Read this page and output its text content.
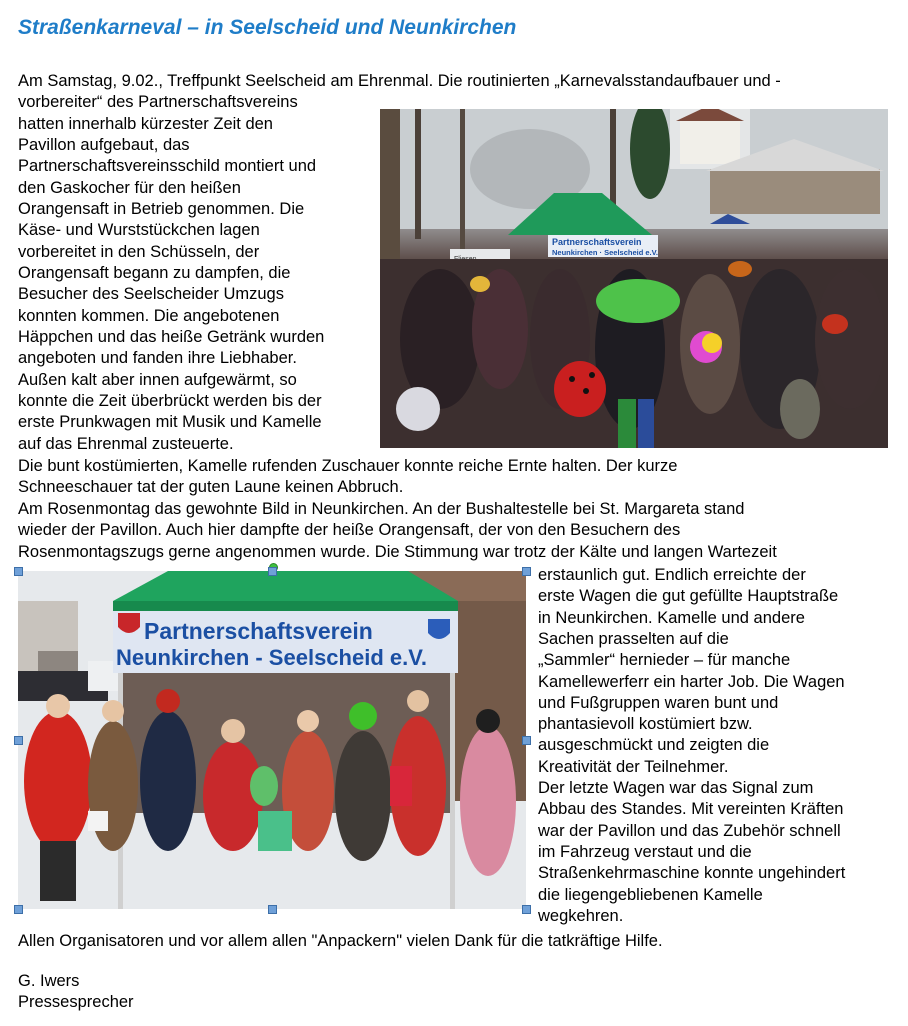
Straßenkarneval – in Seelscheid und Neunkirchen
Am Samstag, 9.02., Treffpunkt Seelscheid am Ehrenmal. Die routinierten „Karnevalsstandaufbauer und -
vorbereiter“ des Partnerschaftsvereins
hatten innerhalb kürzester Zeit den
Pavillon aufgebaut, das
Partnerschaftsvereinsschild montiert und
den Gaskocher für den heißen
Orangensaft in Betrieb genommen. Die
Käse- und Wurststückchen lagen
vorbereitet in den Schüsseln, der
Orangensaft begann zu dampfen, die
Besucher des Seelscheider Umzugs
konnten kommen. Die angebotenen
Häppchen und das heiße Getränk wurden
angeboten und fanden ihre Liebhaber.
Außen kalt aber innen aufgewärmt, so
konnte die Zeit überbrückt werden bis der
erste Prunkwagen mit Musik und Kamelle
auf das Ehrenmal zusteuerte.
Die bunt kostümierten, Kamelle rufenden Zuschauer konnte reiche Ernte halten. Der kurze
Schneeschauer tat der guten Laune keinen Abbruch.
Am Rosenmontag das gewohnte Bild in Neunkirchen. An der Bushaltestelle bei St. Margareta stand
wieder der Pavillon. Auch hier dampfte der heiße Orangensaft, der von den Besuchern des
Rosenmontagszugs gerne angenommen wurde. Die Stimmung war trotz der Kälte und langen Wartezeit
erstaunlich gut. Endlich erreichte der
erste Wagen die gut gefüllte Hauptstraße
in Neunkirchen. Kamelle und andere
Sachen prasselten auf die
„Sammler“ hernieder – für manche
Kamellewerferr ein harter Job. Die Wagen
und Fußgruppen waren bunt und
phantasievoll kostümiert bzw.
ausgeschmückt und zeigten die
Kreativität der Teilnehmer.
Der letzte Wagen war das Signal zum
Abbau des Standes. Mit vereinten Kräften
war der Pavillon und das Zubehör schnell
im Fahrzeug verstaut und die
Straßenkehrmaschine konnte ungehindert
die liegengebliebenen Kamelle
wegkehren.
Partnerschaftsverein
Neunkirchen · Seelscheid e.V.
Partnerschaftsverein
Neunkirchen - Seelscheid e.V.
Allen Organisatoren und vor allem allen "Anpackern" vielen Dank für die tatkräftige Hilfe.
G. Iwers
Pressesprecher
